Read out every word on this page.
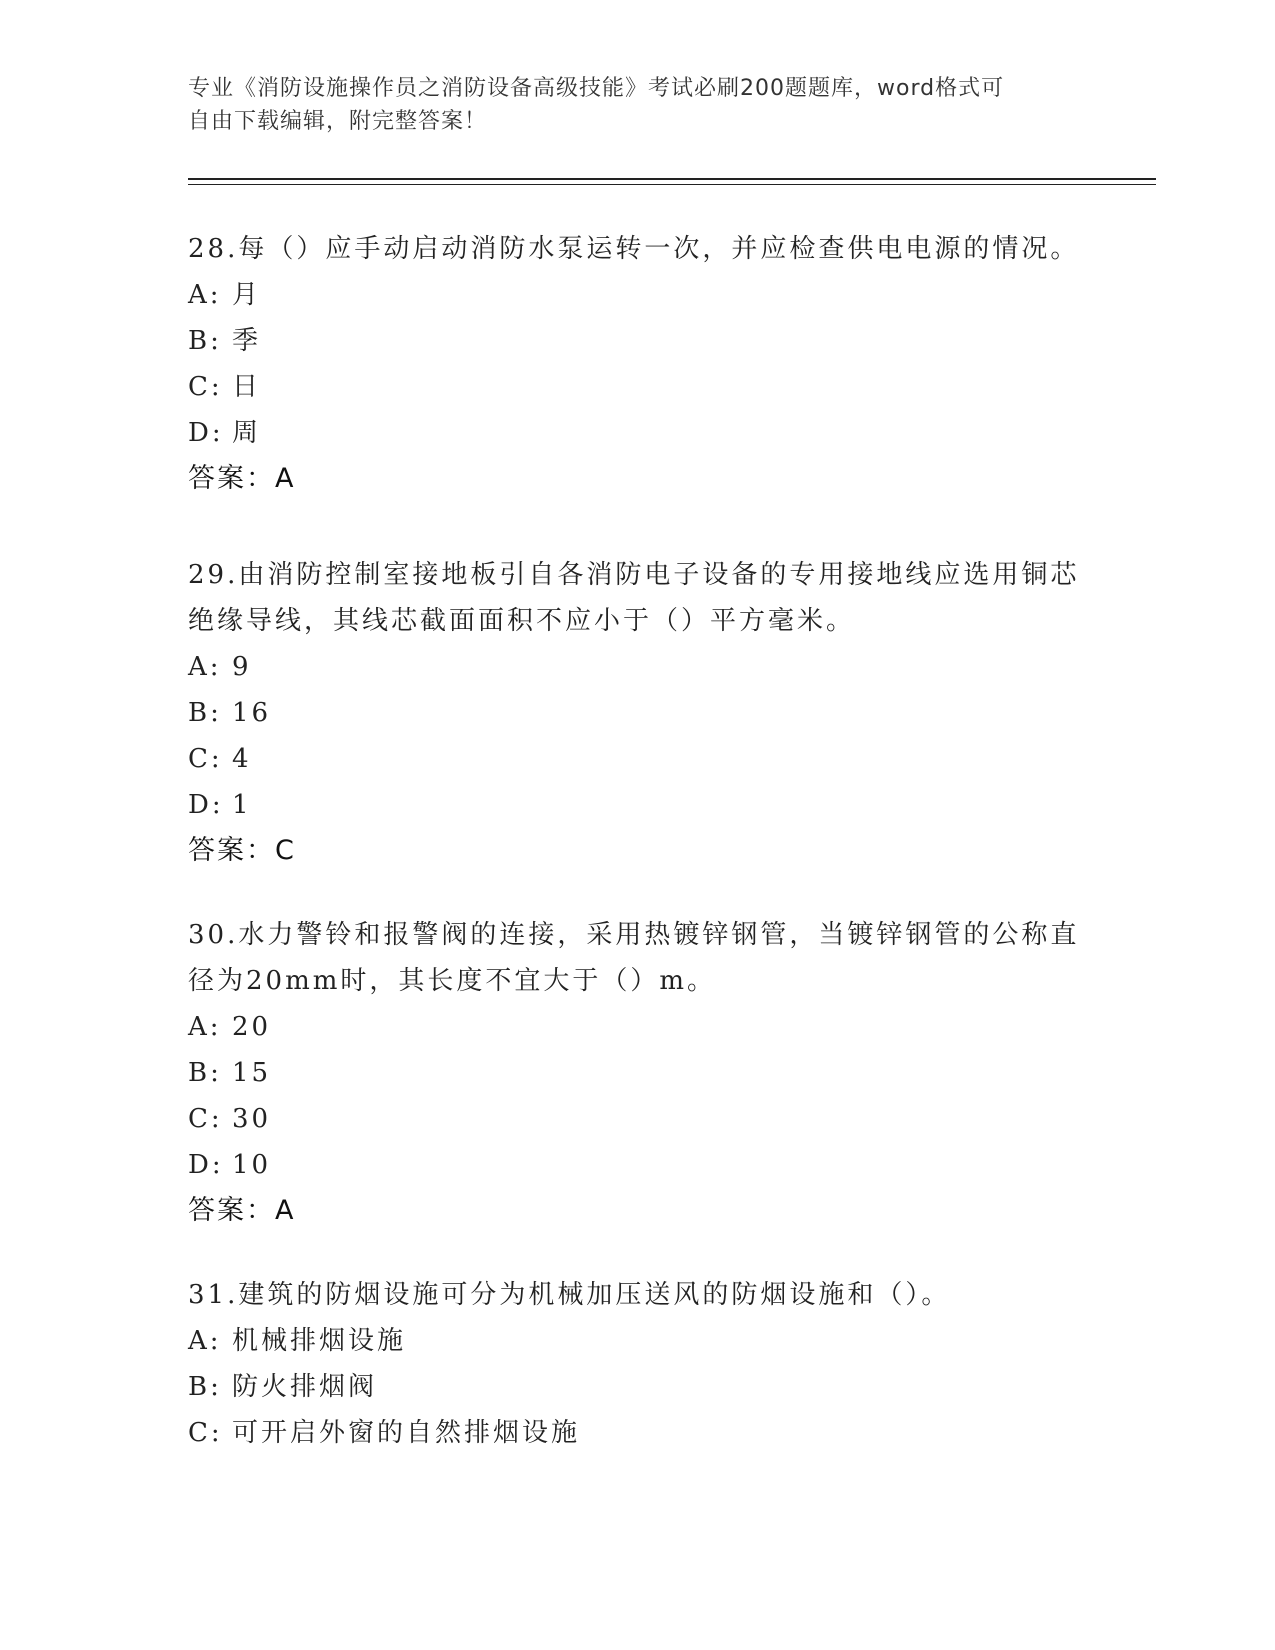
专业《消防设施操作员之消防设备高级技能》考试必刷200题题库，word格式可

自由下载编辑，附完整答案！

28.每（）应手动启动消防水泵运转一次，并应检查供电电源的情况。

A: 月

B: 季

C: 日

D: 周

答案：A

29.由消防控制室接地板引自各消防电子设备的专用接地线应选用铜芯

绝缘导线，其线芯截面面积不应小于（）平方毫米。

A: 9

B: 16

C: 4

D: 1

答案：C

30.水力警铃和报警阀的连接，采用热镀锌钢管，当镀锌钢管的公称直

径为20mm时，其长度不宜大于（）m。

A: 20

B: 15

C: 30

D: 10

答案：A

31.建筑的防烟设施可分为机械加压送风的防烟设施和（）。

A: 机械排烟设施

B: 防火排烟阀

C: 可开启外窗的自然排烟设施
